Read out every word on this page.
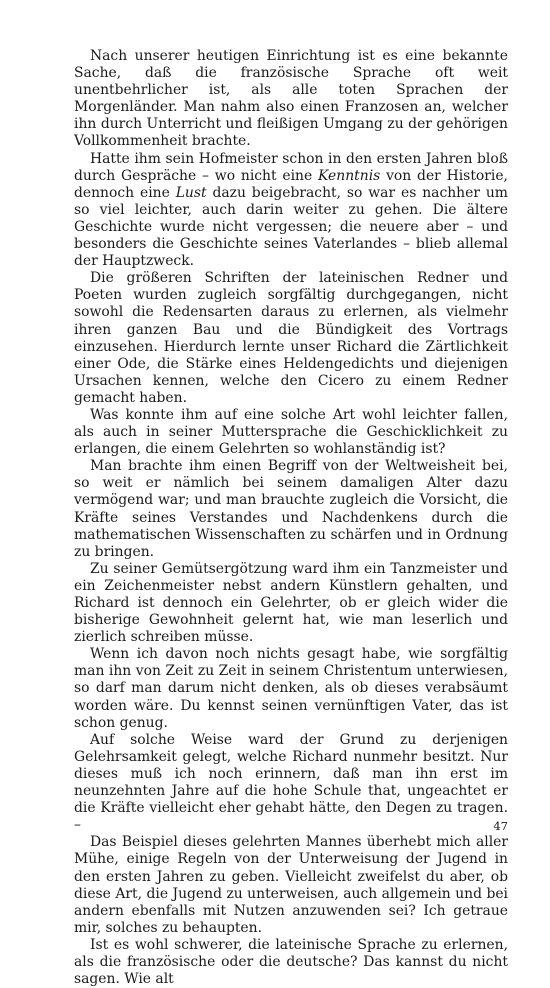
Nach unserer heutigen Einrichtung ist es eine bekannte Sache, daß die französische Sprache oft weit unentbehrlicher ist, als alle toten Sprachen der Morgenländer. Man nahm also einen Franzosen an, welcher ihn durch Unterricht und fleißigen Umgang zu der gehörigen Vollkommenheit brachte.

Hatte ihm sein Hofmeister schon in den ersten Jahren bloß durch Gespräche – wo nicht eine Kenntnis von der Historie, dennoch eine Lust dazu beigebracht, so war es nachher um so viel leichter, auch darin weiter zu gehen. Die ältere Geschichte wurde nicht vergessen; die neuere aber – und besonders die Geschichte seines Vaterlandes – blieb allemal der Hauptzweck.

Die größeren Schriften der lateinischen Redner und Poeten wurden zugleich sorgfältig durchgegangen, nicht sowohl die Redensarten daraus zu erlernen, als vielmehr ihren ganzen Bau und die Bündigkeit des Vortrags einzusehen. Hierdurch lernte unser Richard die Zärtlichkeit einer Ode, die Stärke eines Heldengedichts und diejenigen Ursachen kennen, welche den Cicero zu einem Redner gemacht haben.

Was konnte ihm auf eine solche Art wohl leichter fallen, als auch in seiner Muttersprache die Geschicklichkeit zu erlangen, die einem Gelehrten so wohlanständig ist?

Man brachte ihm einen Begriff von der Weltweisheit bei, so weit er nämlich bei seinem damaligen Alter dazu vermögend war; und man brauchte zugleich die Vorsicht, die Kräfte seines Verstandes und Nachdenkens durch die mathematischen Wissenschaften zu schärfen und in Ordnung zu bringen.

Zu seiner Gemütsergötzung ward ihm ein Tanzmeister und ein Zeichenmeister nebst andern Künstlern gehalten, und Richard ist dennoch ein Gelehrter, ob er gleich wider die bisherige Gewohnheit gelernt hat, wie man leserlich und zierlich schreiben müsse.

Wenn ich davon noch nichts gesagt habe, wie sorgfältig man ihn von Zeit zu Zeit in seinem Christentum unterwiesen, so darf man darum nicht denken, als ob dieses verabsäumt worden wäre. Du kennst seinen vernünftigen Vater, das ist schon genug.

Auf solche Weise ward der Grund zu derjenigen Gelehrsamkeit gelegt, welche Richard nunmehr besitzt. Nur dieses muß ich noch erinnern, daß man ihn erst im neunzehnten Jahre auf die hohe Schule that, ungeachtet er die Kräfte vielleicht eher gehabt hätte, den Degen zu tragen. –

Das Beispiel dieses gelehrten Mannes überhebt mich aller Mühe, einige Regeln von der Unterweisung der Jugend in den ersten Jahren zu geben. Vielleicht zweifelst du aber, ob diese Art, die Jugend zu unterweisen, auch allgemein und bei andern ebenfalls mit Nutzen anzuwenden sei? Ich getraue mir, solches zu behaupten.

Ist es wohl schwerer, die lateinische Sprache zu erlernen, als die französische oder die deutsche? Das kannst du nicht sagen. Wie alt

47
